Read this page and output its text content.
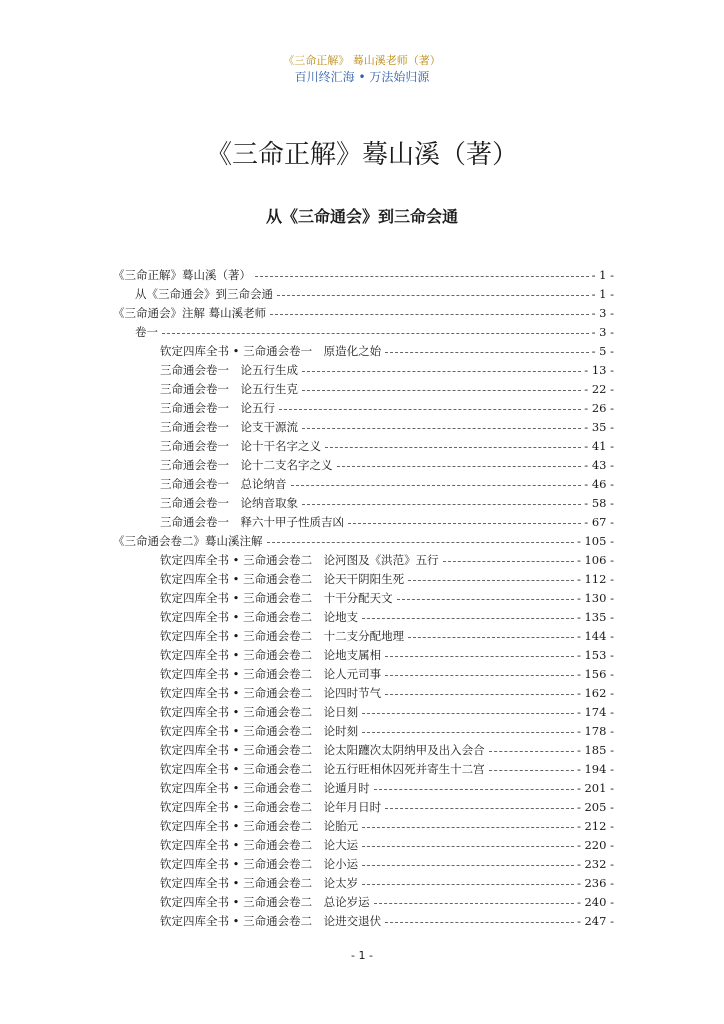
《三命正解》 蓦山溪老师（著）
百川终汇海 • 万法始归源
《三命正解》蓦山溪（著）
从《三命通会》到三命会通
《三命正解》蓦山溪（著）	- 1 -
从《三命通会》到三命会通	- 1 -
《三命通会》注解 蓦山溪老师	- 3 -
卷一	- 3 -
钦定四库全书 • 三命通会卷一　原造化之始	- 5 -
三命通会卷一　论五行生成	- 13 -
三命通会卷一　论五行生克	- 22 -
三命通会卷一　论五行	- 26 -
三命通会卷一　论支干源流	- 35 -
三命通会卷一　论十干名字之义	- 41 -
三命通会卷一　论十二支名字之义	- 43 -
三命通会卷一　总论纳音	- 46 -
三命通会卷一　论纳音取象	- 58 -
三命通会卷一　释六十甲子性质吉凶	- 67 -
《三命通会卷二》蓦山溪注解	- 105 -
钦定四库全书 • 三命通会卷二　论河图及《洪范》五行	- 106 -
钦定四库全书 • 三命通会卷二　论天干阴阳生死	- 112 -
钦定四库全书 • 三命通会卷二　十干分配天文	- 130 -
钦定四库全书 • 三命通会卷二　论地支	- 135 -
钦定四库全书 • 三命通会卷二　十二支分配地理	- 144 -
钦定四库全书 • 三命通会卷二　论地支属相	- 153 -
钦定四库全书 • 三命通会卷二　论人元司事	- 156 -
钦定四库全书 • 三命通会卷二　论四时节气	- 162 -
钦定四库全书 • 三命通会卷二　论日刻	- 174 -
钦定四库全书 • 三命通会卷二　论时刻	- 178 -
钦定四库全书 • 三命通会卷二　论太阳躔次太阴纳甲及出入会合	- 185 -
钦定四库全书 • 三命通会卷二　论五行旺相休囚死并寄生十二宫	- 194 -
钦定四库全书 • 三命通会卷二　论遁月时	- 201 -
钦定四库全书 • 三命通会卷二　论年月日时	- 205 -
钦定四库全书 • 三命通会卷二　论胎元	- 212 -
钦定四库全书 • 三命通会卷二　论大运	- 220 -
钦定四库全书 • 三命通会卷二　论小运	- 232 -
钦定四库全书 • 三命通会卷二　论太岁	- 236 -
钦定四库全书 • 三命通会卷二　总论岁运	- 240 -
钦定四库全书 • 三命通会卷二　论进交退伏	- 247 -
- 1 -
